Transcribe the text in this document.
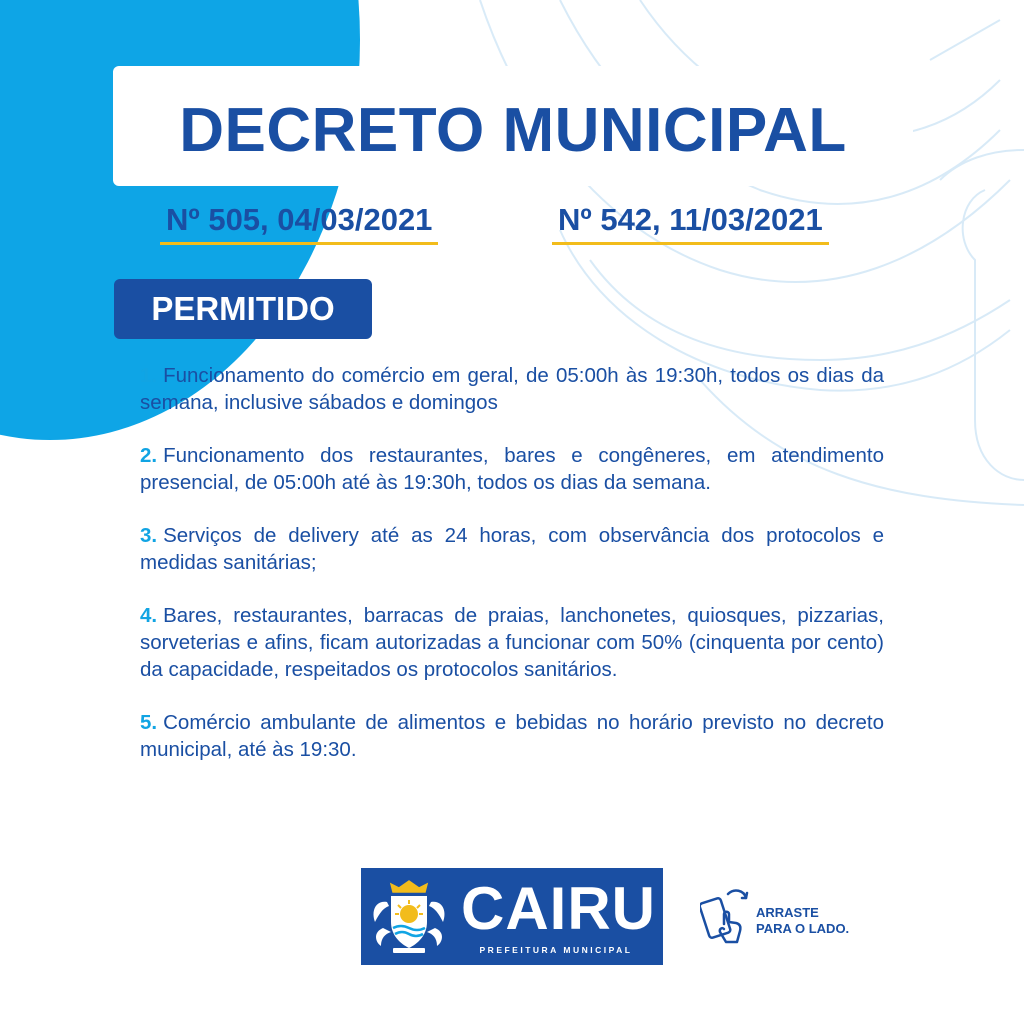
DECRETO MUNICIPAL
Nº 505, 04/03/2021	Nº 542, 11/03/2021
PERMITIDO

1. Funcionamento do comércio em geral, de 05:00h às 19:30h, todos os dias da semana, inclusive sábados e domingos

2. Funcionamento dos restaurantes, bares e congêneres, em atendimento presencial, de 05:00h até às 19:30h, todos os dias da semana.

3. Serviços de delivery até as 24 horas, com observância dos protocolos e medidas sanitárias;

4. Bares, restaurantes, barracas de praias, lanchonetes, quiosques, pizzarias, sorveterias e afins, ficam autorizadas a funcionar com 50% (cinquenta por cento) da capacidade, respeitados os protocolos sanitários.

5. Comércio ambulante de alimentos e bebidas no horário previsto no decreto municipal, até às 19:30.

CAIRU
PREFEITURA MUNICIPAL
ARRASTE
PARA O LADO.
